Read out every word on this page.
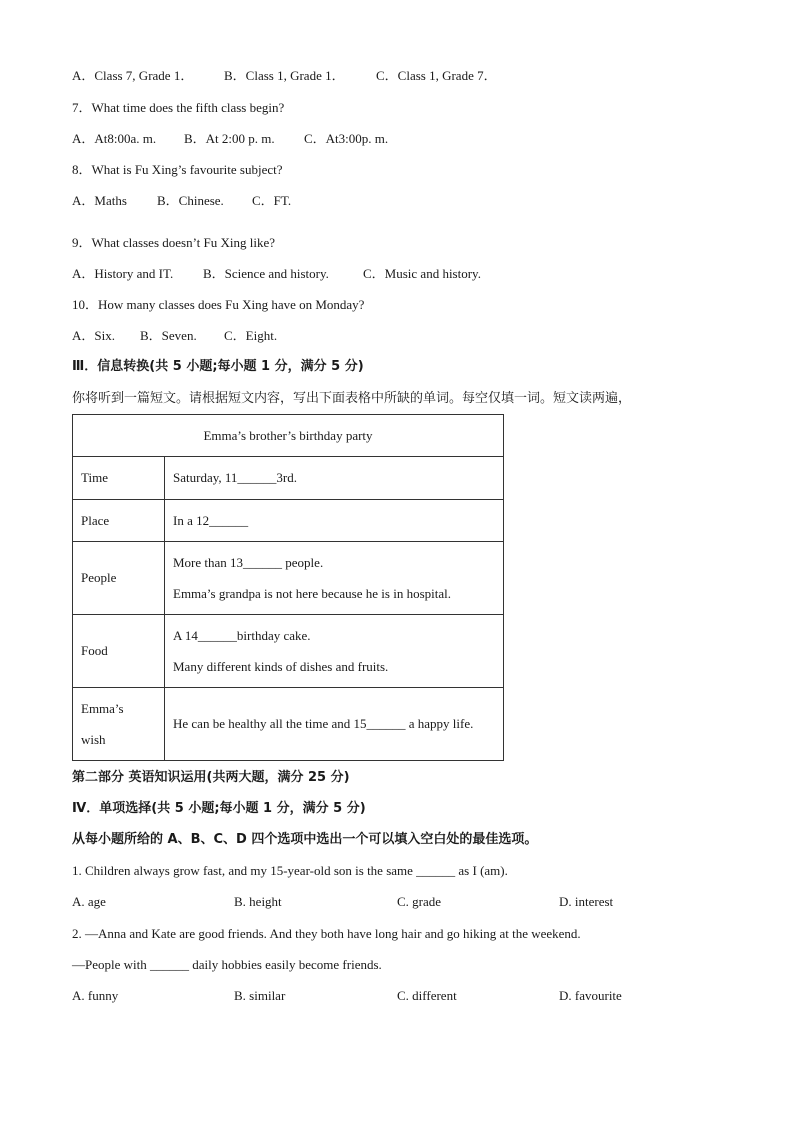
A．Class 7, Grade 1． B．Class 1, Grade 1． C．Class 1, Grade 7．
7．What time does the fifth class begin?
A．At8:00a. m. B．At 2:00 p. m. C．At3:00p. m.
8．What is Fu Xing’s favourite subject?
A．Maths B．Chinese. C．FT.
9．What classes doesn’t Fu Xing like?
A．History and IT. B．Science and history.	C．Music and history.
10．How many classes does Fu Xing have on Monday?
A．Six. B．Seven. C．Eight.
Ⅲ．信息转换(共 5 小题;每小题 1 分，满分 5 分)
你将听到一篇短文。请根据短文内容，写出下面表格中所缺的单词。每空仅填一词。短文读两遍，
Emma’s brother’s birthday party	
Time	Saturday, 11______3rd.
Place	In a 12______
People	More than 13______ people.
Emma’s grandpa is not here because he is in hospital.

Food	A 14______birthday cake.
Many different kinds of dishes and fruits.

Emma’s
wish	He can be healthy all the time and 15______ a happy life.
第二部分 英语知识运用(共两大题，满分 25 分)
Ⅳ．单项选择(共 5 小题;每小题 1 分，满分 5 分)
从每小题所给的 A、B、C、D 四个选项中选出一个可以填入空白处的最佳选项。
1. Children always grow fast, and my 15-year-old son is the same ______ as I (am).
A. age	B. height	C. grade	D. interest
2. —Anna and Kate are good friends. And they both have long hair and go hiking at the weekend.
—People with ______ daily hobbies easily become friends.
A. funny	B. similar	C. different	D. favourite
